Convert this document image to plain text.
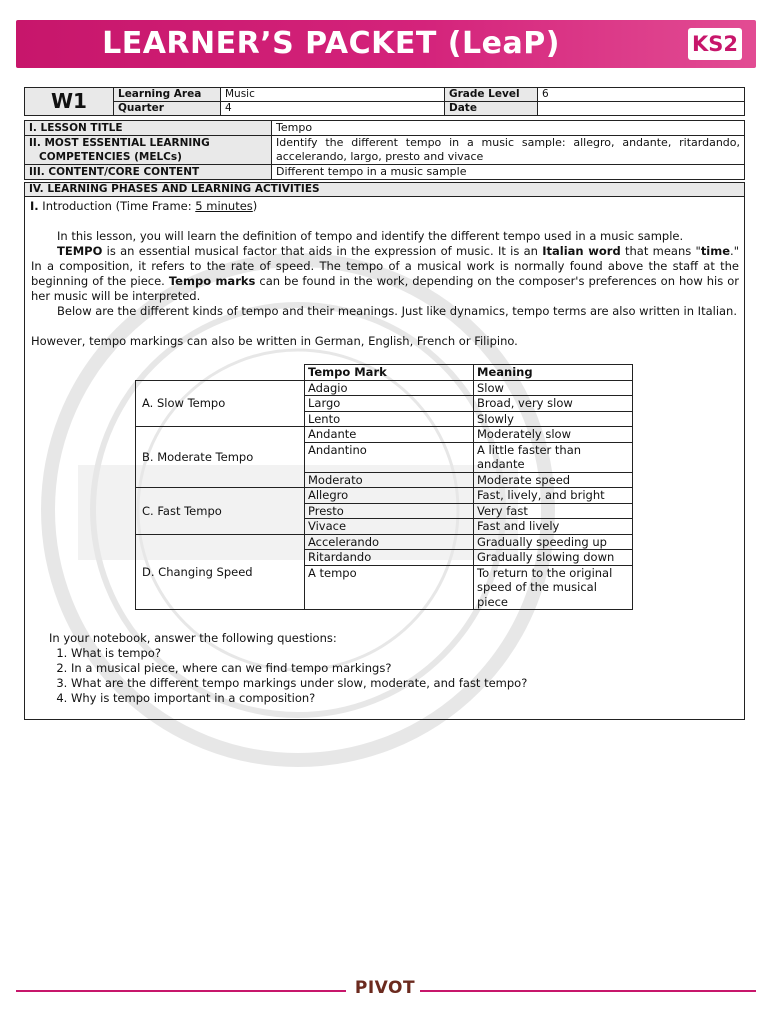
LEARNER’S PACKET (LeaP)	KS2
W1	Learning Area	Music	Grade Level	6
	Quarter	4	Date	
I. LESSON TITLE	Tempo
II. MOST ESSENTIAL LEARNING
COMPETENCIES (MELCs)	Identify the different tempo in a music sample: allegro, andante, ritardando, accelerando, largo, presto and vivace
III. CONTENT/CORE CONTENT	Different tempo in a music sample
IV. LEARNING PHASES AND LEARNING ACTIVITIES
I. Introduction (Time Frame: 5 minutes)

In this lesson, you will learn the definition of tempo and identify the different tempo used in a music sample.

TEMPO is an essential musical factor that aids in the expression of music. It is an Italian word that means "time." In a composition, it refers to the rate of speed. The tempo of a musical work is normally found above the staff at the beginning of the piece. Tempo marks can be found in the work, depending on the composer's preferences on how his or her music will be interpreted.

Below are the different kinds of tempo and their meanings. Just like dynamics, tempo terms are also written in Italian.

However, tempo markings can also be written in German, English, French or Filipino.

	Tempo Mark	Meaning
A. Slow Tempo	Adagio	Slow
	Largo	Broad, very slow
	Lento	Slowly
B. Moderate Tempo	Andante	Moderately slow
	Andantino	A little faster than andante
	Moderato	Moderate speed
C. Fast Tempo	Allegro	Fast, lively, and bright
	Presto	Very fast
	Vivace	Fast and lively
D. Changing Speed	Accelerando	Gradually speeding up
	Ritardando	Gradually slowing down
	A tempo	To return to the original speed of the musical piece
In your notebook, answer the following questions:
1. What is tempo?
2. In a musical piece, where can we find tempo markings?
3. What are the different tempo markings under slow, moderate, and fast tempo?
4. Why is tempo important in a composition?
PIVOT
